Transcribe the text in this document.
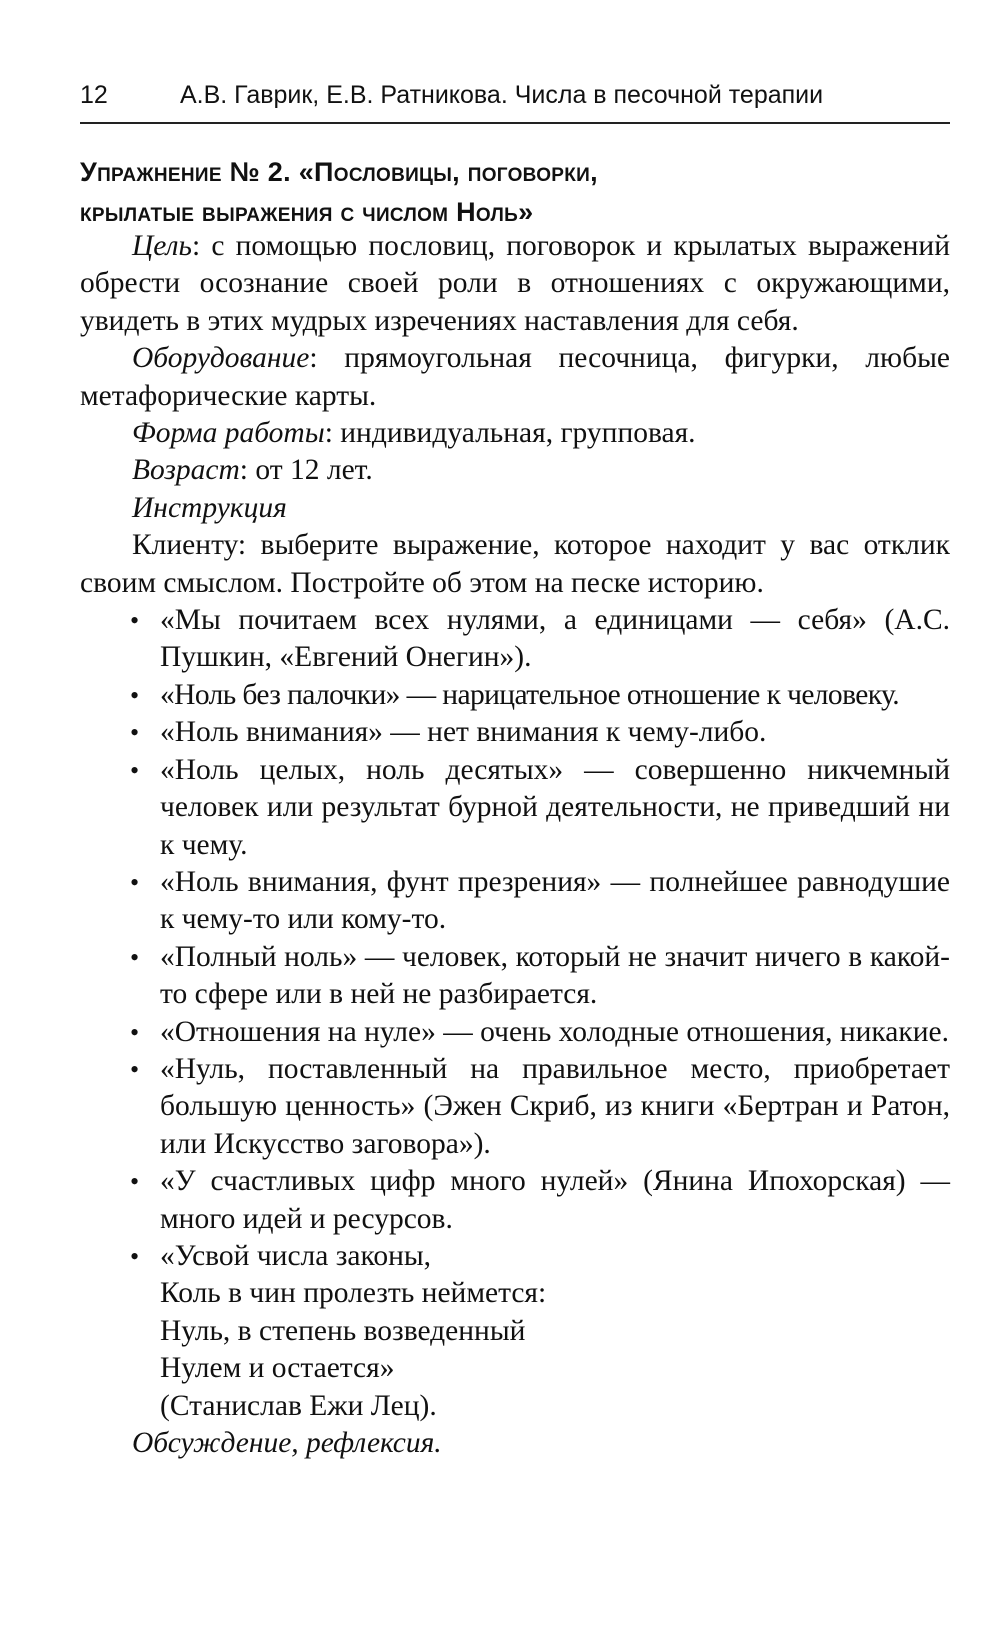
12	А.В. Гаврик, Е.В. Ратникова. Числа в песочной терапии
Упражнение № 2. «Пословицы, поговорки,
крылатые выражения с числом Ноль»

Цель: с помощью пословиц, поговорок и крылатых выражений обрести осознание своей роли в отношениях с окружающими, увидеть в этих мудрых изречениях наставления для себя.

Оборудование: прямоугольная песочница, фигурки, любые метафорические карты.

Форма работы: индивидуальная, групповая.

Возраст: от 12 лет.

Инструкция

Клиенту: выберите выражение, которое находит у вас отклик своим смыслом. Постройте об этом на песке историю.

• «Мы почитаем всех нулями, а единицами — себя» (А.С. Пушкин, «Евгений Онегин»).
• «Ноль без палочки» — нарицательное отношение к человеку.
• «Ноль внимания» — нет внимания к чему-либо.
• «Ноль целых, ноль десятых» — совершенно никчемный человек или результат бурной деятельности, не приведший ни к чему.
• «Ноль внимания, фунт презрения» — полнейшее равнодушие к чему-то или кому-то.
• «Полный ноль» — человек, который не значит ничего в какой-то сфере или в ней не разбирается.
• «Отношения на нуле» — очень холодные отношения, никакие.
• «Нуль, поставленный на правильное место, приобретает большую ценность» (Эжен Скриб, из книги «Бертран и Ратон, или Искусство заговора»).
• «У счастливых цифр много нулей» (Янина Ипохорская) — много идей и ресурсов.
• «Усвой числа законы,
Коль в чин пролезть неймется:
Нуль, в степень возведенный
Нулем и остается»
(Станислав Ежи Лец).

Обсуждение, рефлексия.
